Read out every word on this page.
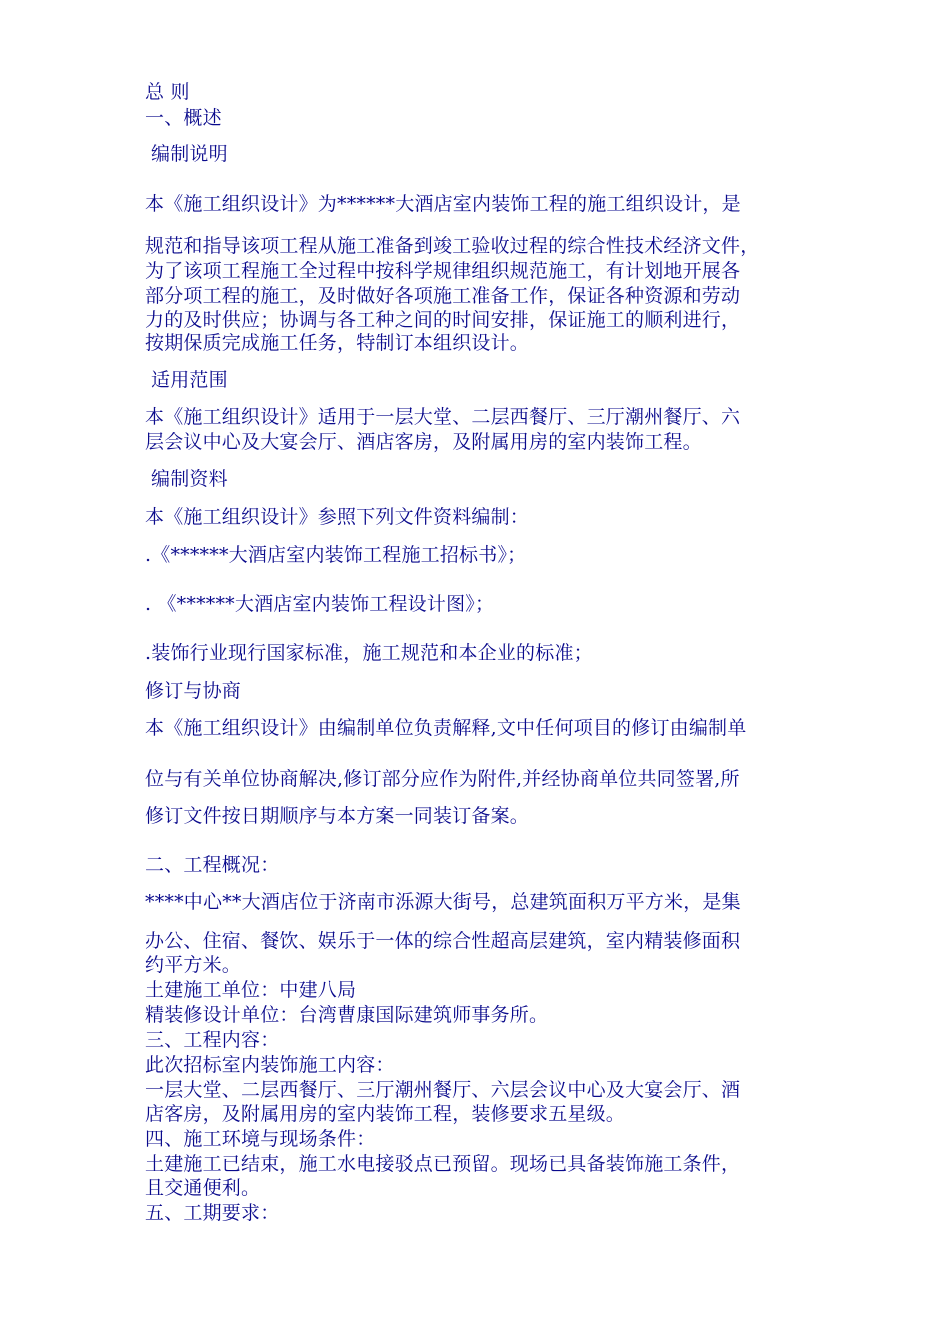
总 则
一、概述
编制说明
本《施工组织设计》为******大酒店室内装饰工程的施工组织设计，是
规范和指导该项工程从施工准备到竣工验收过程的综合性技术经济文件，
为了该项工程施工全过程中按科学规律组织规范施工，有计划地开展各
部分项工程的施工，及时做好各项施工准备工作，保证各种资源和劳动
力的及时供应；协调与各工种之间的时间安排，保证施工的顺利进行，
按期保质完成施工任务，特制订本组织设计。
适用范围
本《施工组织设计》适用于一层大堂、二层西餐厅、三厅潮州餐厅、六
层会议中心及大宴会厅、酒店客房，及附属用房的室内装饰工程。
编制资料
本《施工组织设计》参照下列文件资料编制：
.《******大酒店室内装饰工程施工招标书》；
. 《******大酒店室内装饰工程设计图》；
.装饰行业现行国家标准，施工规范和本企业的标准；
修订与协商
本《施工组织设计》由编制单位负责解释,文中任何项目的修订由编制单
位与有关单位协商解决,修订部分应作为附件,并经协商单位共同签署,所
修订文件按日期顺序与本方案一同装订备案。
二、工程概况：
****中心**大酒店位于济南市泺源大街号，总建筑面积万平方米，是集
办公、住宿、餐饮、娱乐于一体的综合性超高层建筑，室内精装修面积
约平方米。
土建施工单位：中建八局
精装修设计单位：台湾曹康国际建筑师事务所。
三、工程内容：
此次招标室内装饰施工内容：
一层大堂、二层西餐厅、三厅潮州餐厅、六层会议中心及大宴会厅、酒
店客房，及附属用房的室内装饰工程，装修要求五星级。
四、施工环境与现场条件：
土建施工已结束，施工水电接驳点已预留。现场已具备装饰施工条件，
且交通便利。
五、工期要求：
